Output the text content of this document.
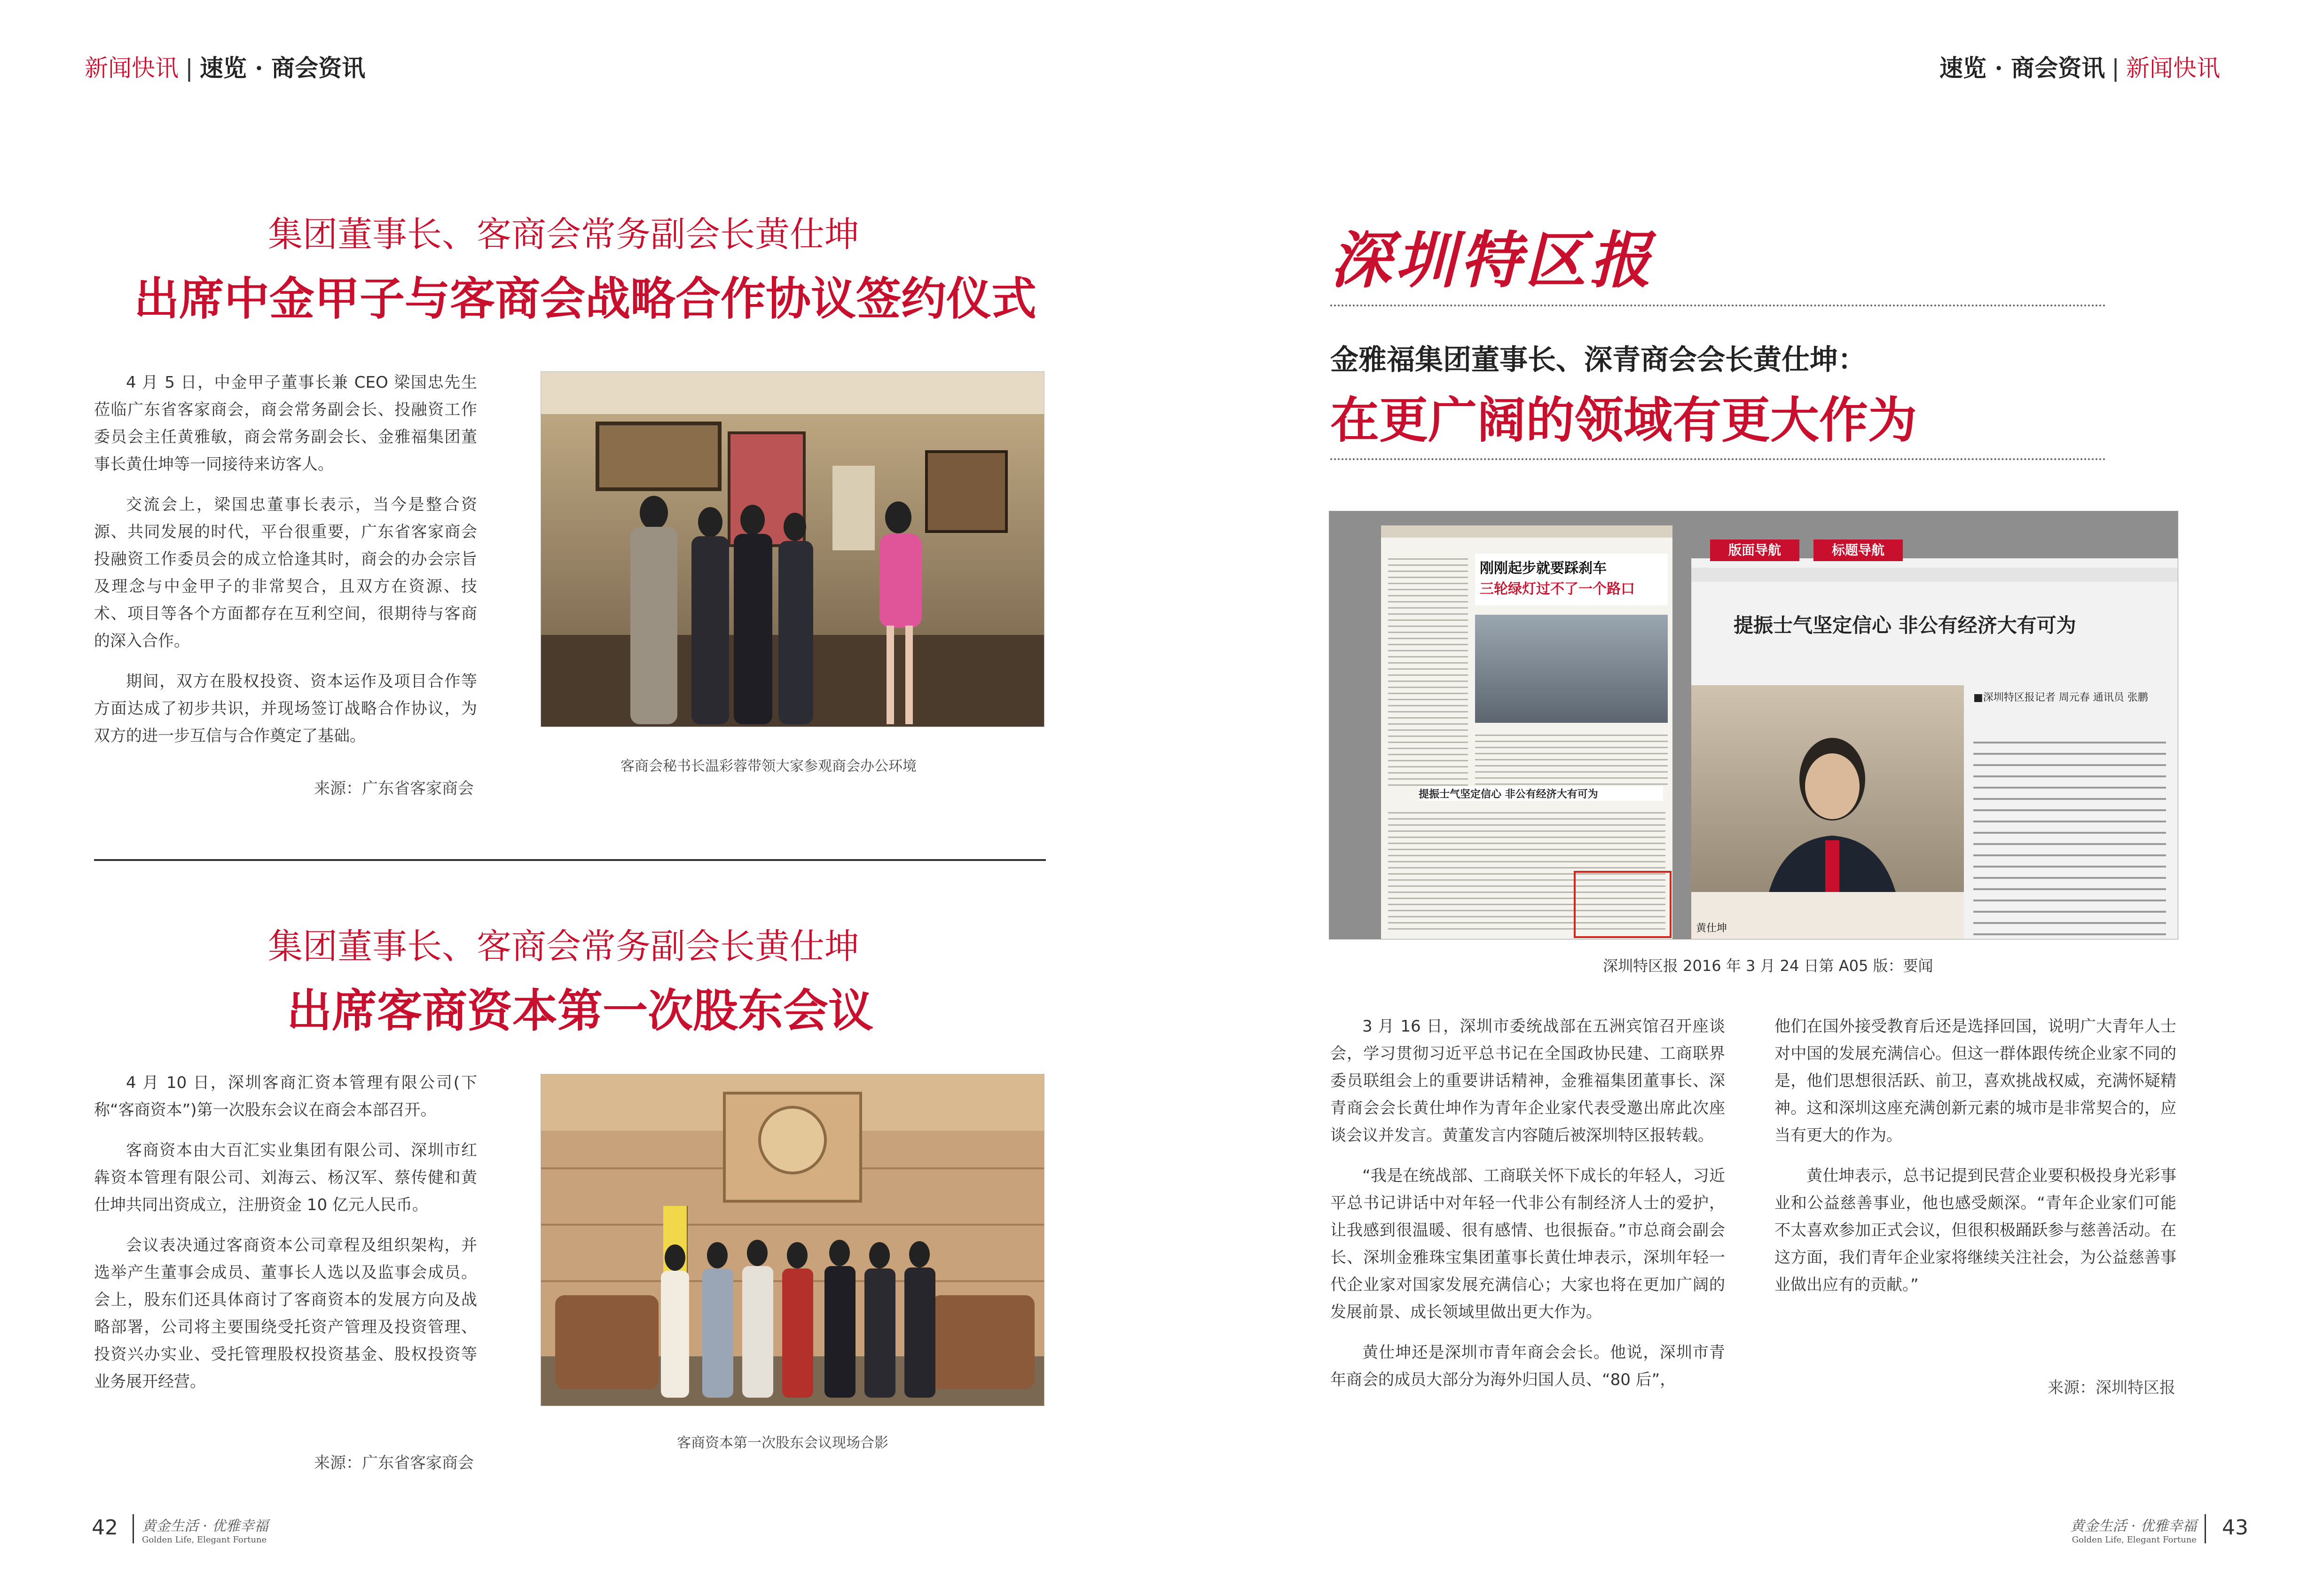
新闻快讯 | 速览 · 商会资讯
集团董事长、客商会常务副会长黄仕坤
出席中金甲子与客商会战略合作协议签约仪式

4 月 5 日，中金甲子董事长兼 CEO 梁国忠先生莅临广东省客家商会，商会常务副会长、投融资工作委员会主任黄雅敏，商会常务副会长、金雅福集团董事长黄仕坤等一同接待来访客人。

交流会上，梁国忠董事长表示，当今是整合资源、共同发展的时代，平台很重要，广东省客家商会投融资工作委员会的成立恰逢其时，商会的办会宗旨及理念与中金甲子的非常契合，且双方在资源、技术、项目等各个方面都存在互利空间，很期待与客商的深入合作。

期间，双方在股权投资、资本运作及项目合作等方面达成了初步共识，并现场签订战略合作协议，为双方的进一步互信与合作奠定了基础。

来源：广东省客家商会
客商会秘书长温彩蓉带领大家参观商会办公环境
集团董事长、客商会常务副会长黄仕坤
出席客商资本第一次股东会议

4 月 10 日，深圳客商汇资本管理有限公司(下称“客商资本”)第一次股东会议在商会本部召开。

客商资本由大百汇实业集团有限公司、深圳市红犇资本管理有限公司、刘海云、杨汉军、蔡传健和黄仕坤共同出资成立，注册资金 10 亿元人民币。

会议表决通过客商资本公司章程及组织架构，并选举产生董事会成员、董事长人选以及监事会成员。会上，股东们还具体商讨了客商资本的发展方向及战略部署，公司将主要围绕受托资产管理及投资管理、投资兴办实业、受托管理股权投资基金、股权投资等业务展开经营。

来源：广东省客家商会
客商资本第一次股东会议现场合影
42 黄金生活 · 优雅幸福
Golden Life, Elegant Fortune
速览 · 商会资讯 | 新闻快讯
深圳特区报
金雅福集团董事长、深青商会会长黄仕坤：
在更广阔的领域有更大作为
刚刚起步就要踩刹车
三轮绿灯过不了一个路口
提振士气坚定信心 非公有经济大有可为
版面导航	标题导航
提振士气坚定信心 非公有经济大有可为
黄仕坤
■深圳特区报记者 周元春 通讯员 张鹏
深圳特区报 2016 年 3 月 24 日第 A05 版：要闻

3 月 16 日，深圳市委统战部在五洲宾馆召开座谈会，学习贯彻习近平总书记在全国政协民建、工商联界委员联组会上的重要讲话精神，金雅福集团董事长、深青商会会长黄仕坤作为青年企业家代表受邀出席此次座谈会议并发言。黄董发言内容随后被深圳特区报转载。

“我是在统战部、工商联关怀下成长的年轻人，习近平总书记讲话中对年轻一代非公有制经济人士的爱护，让我感到很温暖、很有感情、也很振奋。”市总商会副会长、深圳金雅珠宝集团董事长黄仕坤表示，深圳年轻一代企业家对国家发展充满信心；大家也将在更加广阔的发展前景、成长领域里做出更大作为。

黄仕坤还是深圳市青年商会会长。他说，深圳市青年商会的成员大部分为海外归国人员、“80 后”，

他们在国外接受教育后还是选择回国，说明广大青年人士对中国的发展充满信心。但这一群体跟传统企业家不同的是，他们思想很活跃、前卫，喜欢挑战权威，充满怀疑精神。这和深圳这座充满创新元素的城市是非常契合的，应当有更大的作为。

黄仕坤表示，总书记提到民营企业要积极投身光彩事业和公益慈善事业，他也感受颇深。“青年企业家们可能不太喜欢参加正式会议，但很积极踊跃参与慈善活动。在这方面，我们青年企业家将继续关注社会，为公益慈善事业做出应有的贡献。”

来源：深圳特区报
黄金生活 · 优雅幸福
Golden Life, Elegant Fortune
43
